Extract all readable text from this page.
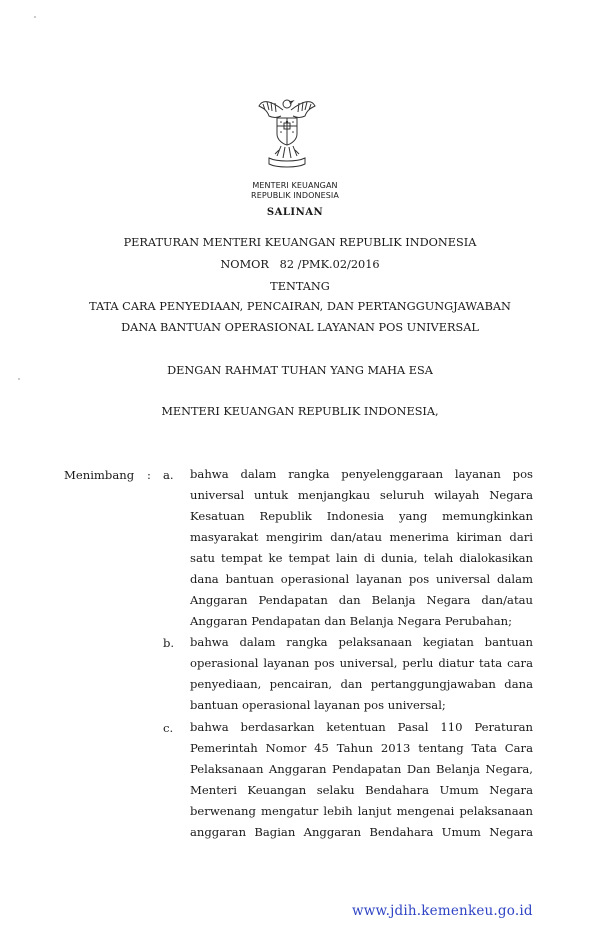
MENTERI KEUANGAN
REPUBLIK INDONESIA
SALINAN
PERATURAN MENTERI KEUANGAN REPUBLIK INDONESIA
NOMOR   82 /PMK.02/2016
TENTANG
TATA CARA PENYEDIAAN, PENCAIRAN, DAN PERTANGGUNGJAWABAN
DANA BANTUAN OPERASIONAL LAYANAN POS UNIVERSAL
DENGAN RAHMAT TUHAN YANG MAHA ESA
MENTERI KEUANGAN REPUBLIK INDONESIA,
Menimbang : a. bahwa dalam rangka penyelenggaraan layanan pos
universal untuk menjangkau seluruh wilayah Negara
Kesatuan Republik Indonesia yang memungkinkan
masyarakat mengirim dan/atau menerima kiriman dari
satu tempat ke tempat lain di dunia, telah dialokasikan
dana bantuan operasional layanan pos universal dalam
Anggaran Pendapatan dan Belanja Negara dan/atau
Anggaran Pendapatan dan Belanja Negara Perubahan;
b. bahwa dalam rangka pelaksanaan kegiatan bantuan
operasional layanan pos universal, perlu diatur tata cara
penyediaan, pencairan, dan pertanggungjawaban dana
bantuan operasional layanan pos universal;
c. bahwa berdasarkan ketentuan Pasal 110 Peraturan
Pemerintah Nomor 45 Tahun 2013 tentang Tata Cara
Pelaksanaan Anggaran Pendapatan Dan Belanja Negara,
Menteri Keuangan selaku Bendahara Umum Negara
berwenang mengatur lebih lanjut mengenai pelaksanaan
anggaran Bagian Anggaran Bendahara Umum Negara
www.jdih.kemenkeu.go.id
